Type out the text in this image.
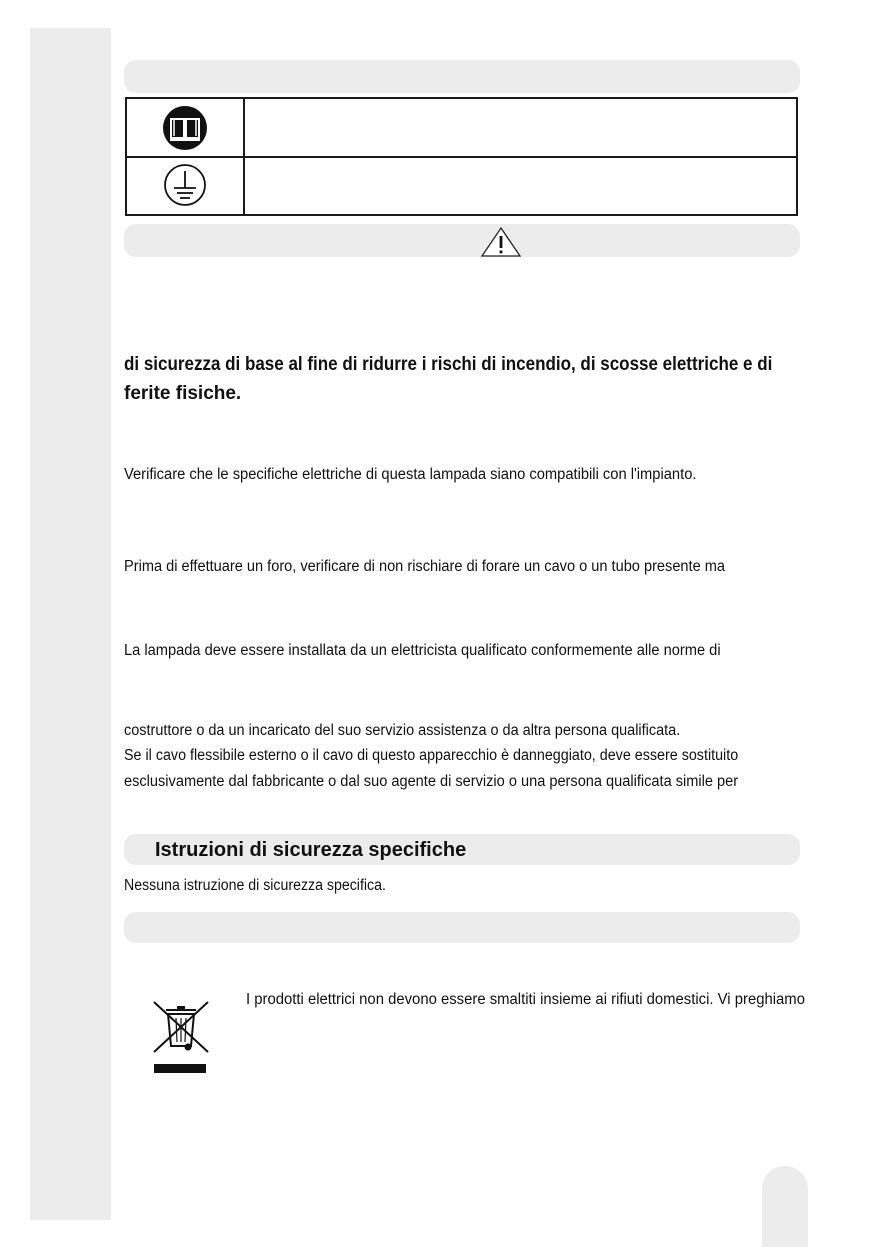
di sicurezza di base al fine di ridurre i rischi di incendio, di scosse elettriche e di
ferite fisiche.
Verificare che le specifiche elettriche di questa lampada siano compatibili con l'impianto.
Prima di effettuare un foro, verificare di non rischiare di forare un cavo o un tubo presente ma
La lampada deve essere installata da un elettricista qualificato conformemente alle norme di
costruttore o da un incaricato del suo servizio assistenza o da altra persona qualificata.
Se il cavo flessibile esterno o il cavo di questo apparecchio è danneggiato, deve essere sostituito
esclusivamente dal fabbricante o dal suo agente di servizio o una persona qualificata simile per
Istruzioni di sicurezza specifiche
Nessuna istruzione di sicurezza specifica.
I prodotti elettrici non devono essere smaltiti insieme ai rifiuti domestici. Vi preghiamo
